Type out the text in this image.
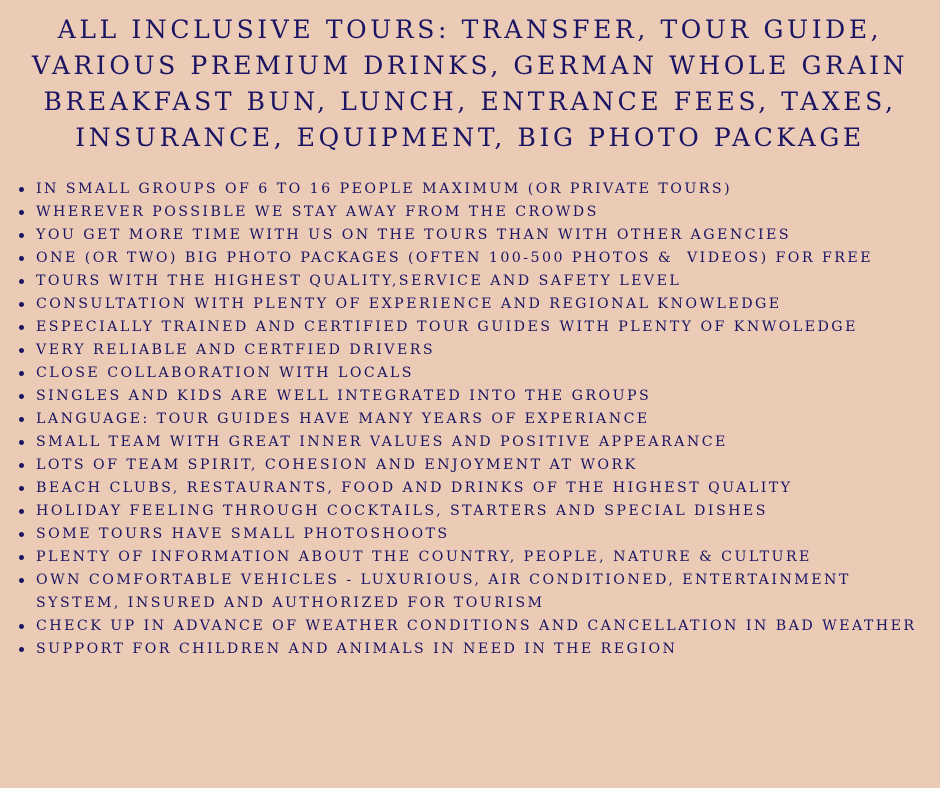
ALL INCLUSIVE TOURS: TRANSFER, TOUR GUIDE,
VARIOUS PREMIUM DRINKS, GERMAN WHOLE GRAIN
BREAKFAST BUN, LUNCH, ENTRANCE FEES, TAXES,
INSURANCE, EQUIPMENT, BIG PHOTO PACKAGE
IN SMALL GROUPS OF 6 TO 16 PEOPLE MAXIMUM (OR PRIVATE TOURS)
WHEREVER POSSIBLE WE STAY AWAY FROM THE CROWDS
YOU GET MORE TIME WITH US ON THE TOURS THAN WITH OTHER AGENCIES
ONE (OR TWO) BIG PHOTO PACKAGES (OFTEN 100-500 PHOTOS &  VIDEOS) FOR FREE
TOURS WITH THE HIGHEST QUALITY,SERVICE AND SAFETY LEVEL
CONSULTATION WITH PLENTY OF EXPERIENCE AND REGIONAL KNOWLEDGE
ESPECIALLY TRAINED AND CERTIFIED TOUR GUIDES WITH PLENTY OF KNWOLEDGE
VERY RELIABLE AND CERTFIED DRIVERS
CLOSE COLLABORATION WITH LOCALS
SINGLES AND KIDS ARE WELL INTEGRATED INTO THE GROUPS
LANGUAGE: TOUR GUIDES HAVE MANY YEARS OF EXPERIANCE
SMALL TEAM WITH GREAT INNER VALUES AND POSITIVE APPEARANCE
LOTS OF TEAM SPIRIT, COHESION AND ENJOYMENT AT WORK
BEACH CLUBS, RESTAURANTS, FOOD AND DRINKS OF THE HIGHEST QUALITY
HOLIDAY FEELING THROUGH COCKTAILS, STARTERS AND SPECIAL DISHES
SOME TOURS HAVE SMALL PHOTOSHOOTS
PLENTY OF INFORMATION ABOUT THE COUNTRY, PEOPLE, NATURE & CULTURE
OWN COMFORTABLE VEHICLES - LUXURIOUS, AIR CONDITIONED, ENTERTAINMENT SYSTEM, INSURED AND AUTHORIZED FOR TOURISM
CHECK UP IN ADVANCE OF WEATHER CONDITIONS AND CANCELLATION IN BAD WEATHER
SUPPORT FOR CHILDREN AND ANIMALS IN NEED IN THE REGION
